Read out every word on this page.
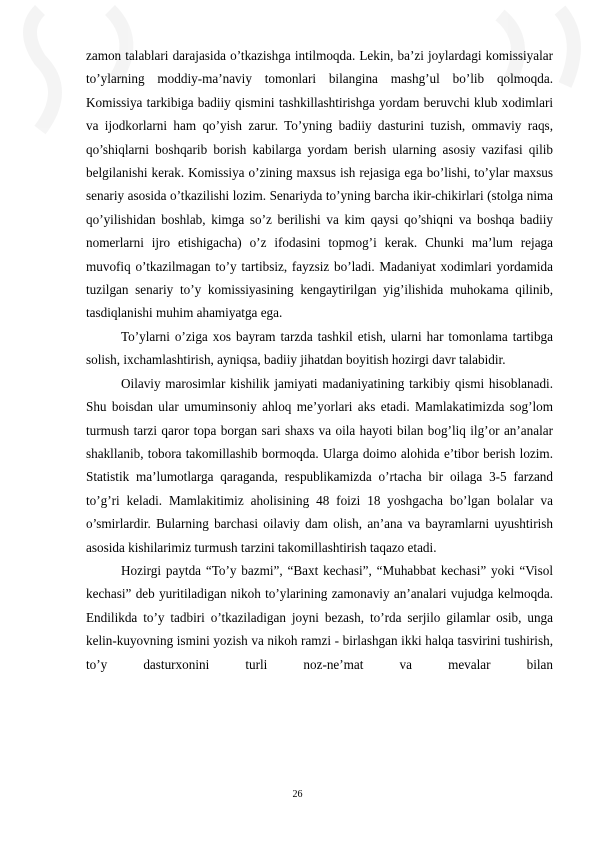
zamon talablari darajasida o’tkazishga intilmoqda. Lekin, ba’zi joylardagi komissiyalar to’ylarning moddiy-ma’naviy tomonlari bilangina mashg’ul bo’lib qolmoqda. Komissiya tarkibiga badiiy qismini tashkillashtirishga yordam beruvchi klub xodimlari va ijodkorlarni ham qo’yish zarur. To’yning badiiy dasturini tuzish, ommaviy raqs, qo’shiqlarni boshqarib borish kabilarga yordam berish ularning asosiy vazifasi qilib belgilanishi kerak. Komissiya o’zining maxsus ish rejasiga ega bo’lishi, to’ylar maxsus senariy asosida o’tkazilishi lozim. Senariyda to’yning barcha ikir-chikirlari (stolga nima qo’yilishidan boshlab, kimga so’z berilishi va kim qaysi qo’shiqni va boshqa badiiy nomerlarni ijro etishigacha) o’z ifodasini topmog’i kerak. Chunki ma’lum rejaga muvofiq o’tkazilmagan to’y tartibsiz, fayzsiz bo’ladi. Madaniyat xodimlari yordamida tuzilgan senariy to’y komissiyasining kengaytirilgan yig’ilishida muhokama qilinib, tasdiqlanishi muhim ahamiyatga ega.

To’ylarni o’ziga xos bayram tarzda tashkil etish, ularni har tomonlama tartibga solish, ixchamlashtirish, ayniqsa, badiiy jihatdan boyitish hozirgi davr talabidir.

Oilaviy marosimlar kishilik jamiyati madaniyatining tarkibiy qismi hisoblanadi. Shu boisdan ular umuminsoniy ahloq me’yorlari aks etadi. Mamlakatimizda sog’lom turmush tarzi qaror topa borgan sari shaxs va oila hayoti bilan bog’liq ilg’or an’analar shakllanib, tobora takomillashib bormoqda. Ularga doimo alohida e’tibor berish lozim. Statistik ma’lumotlarga qaraganda, respublikamizda o’rtacha bir oilaga 3-5 farzand to’g’ri keladi. Mamlakitimiz aholisining 48 foizi 18 yoshgacha bo’lgan bolalar va o’smirlardir. Bularning barchasi oilaviy dam olish, an’ana va bayramlarni uyushtirish asosida kishilarimiz turmush tarzini takomillashtirish taqazo etadi.

Hozirgi paytda “To’y bazmi”, “Baxt kechasi”, “Muhabbat kechasi” yoki “Visol kechasi” deb yuritiladigan nikoh to’ylarining zamonaviy an’analari vujudga kelmoqda. Endilikda to’y tadbiri o’tkaziladigan joyni bezash, to’rda serjilo gilamlar osib, unga kelin-kuyovning ismini yozish va nikoh ramzi - birlashgan ikki halqa tasvirini tushirish, to’y dasturxonini turli noz-ne’mat va mevalar bilan

26
